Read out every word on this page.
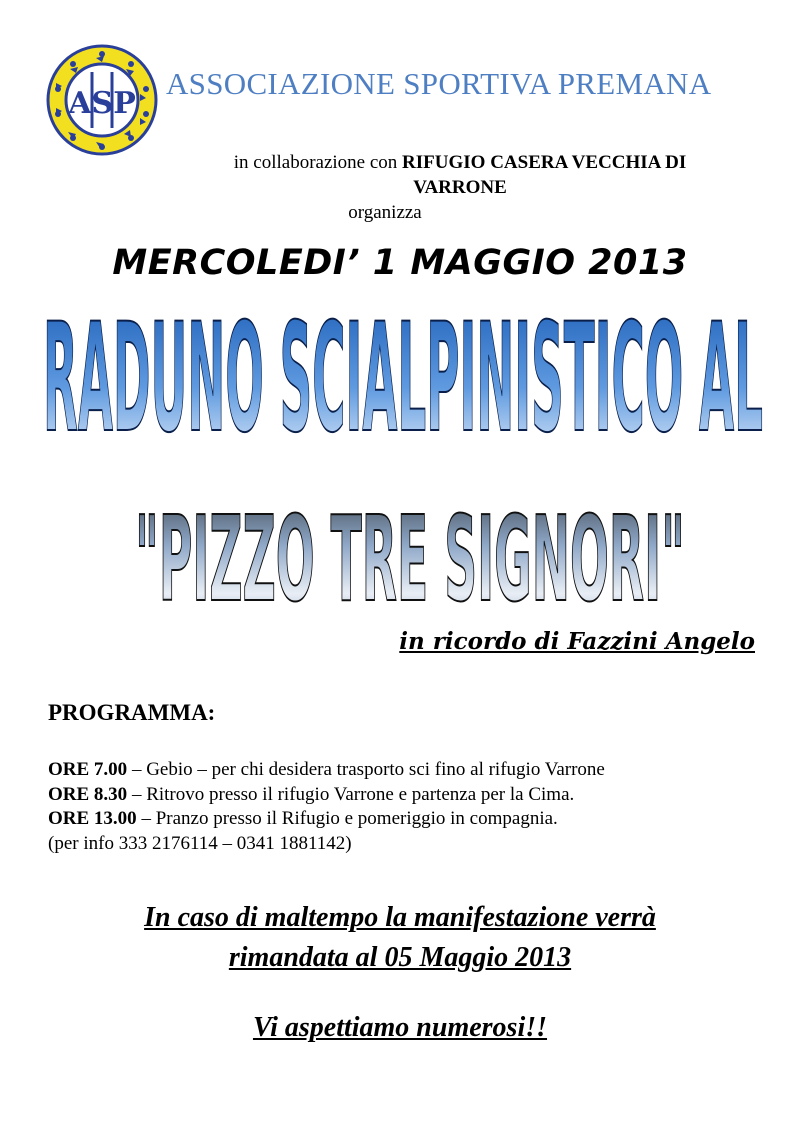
ASP
ASSOCIAZIONE SPORTIVA PREMANA
in collaborazione con RIFUGIO CASERA VECCHIA DI
VARRONE
organizza
MERCOLEDI’ 1 MAGGIO 2013
RADUNO SCIALPINISTICO AL
"PIZZO TRE SIGNORI"
in ricordo di Fazzini Angelo
PROGRAMMA:
ORE 7.00 – Gebio – per chi desidera trasporto sci fino al rifugio Varrone
ORE 8.30 – Ritrovo presso il rifugio Varrone e partenza per la Cima.
ORE 13.00 – Pranzo presso il Rifugio e pomeriggio in compagnia.
(per info 333 2176114 – 0341 1881142)
In caso di maltempo la manifestazione verrà
rimandata al 05 Maggio 2013
Vi aspettiamo numerosi!!
